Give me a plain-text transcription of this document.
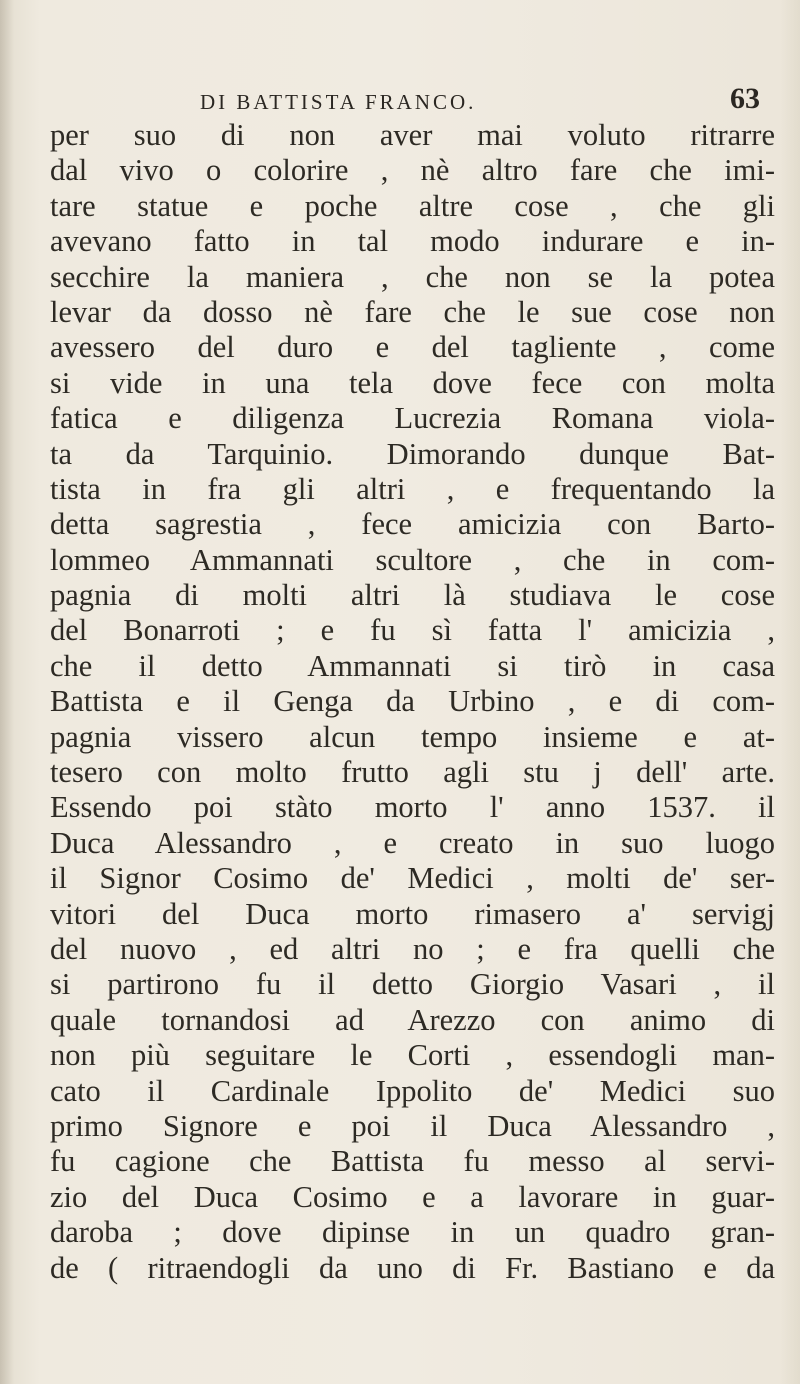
DI BATTISTA FRANCO.	63
per suo di non aver mai voluto ritrarre
dal vivo o colorire , nè altro fare che imi-
tare statue e poche altre cose , che gli
avevano fatto in tal modo indurare e in-
secchire la maniera , che non se la potea
levar da dosso nè fare che le sue cose non
avessero del duro e del tagliente , come
si vide in una tela dove fece con molta
fatica e diligenza Lucrezia Romana viola-
ta da Tarquinio. Dimorando dunque Bat-
tista in fra gli altri , e frequentando la
detta sagrestia , fece amicizia con Barto-
lommeo Ammannati scultore , che in com-
pagnia di molti altri là studiava le cose
del Bonarroti ; e fu sì fatta l' amicizia ,
che il detto Ammannati si tirò in casa
Battista e il Genga da Urbino , e di com-
pagnia vissero alcun tempo insieme e at-
tesero con molto frutto agli stu j dell' arte.
Essendo poi stàto morto l' anno 1537. il
Duca Alessandro , e creato in suo luogo
il Signor Cosimo de' Medici , molti de' ser-
vitori del Duca morto rimasero a' servigj
del nuovo , ed altri no ; e fra quelli che
si partirono fu il detto Giorgio Vasari , il
quale tornandosi ad Arezzo con animo di
non più seguitare le Corti , essendogli man-
cato il Cardinale Ippolito de' Medici suo
primo Signore e poi il Duca Alessandro ,
fu cagione che Battista fu messo al servi-
zio del Duca Cosimo e a lavorare in guar-
daroba ; dove dipinse in un quadro gran-
de ( ritraendogli da uno di Fr. Bastiano e da
